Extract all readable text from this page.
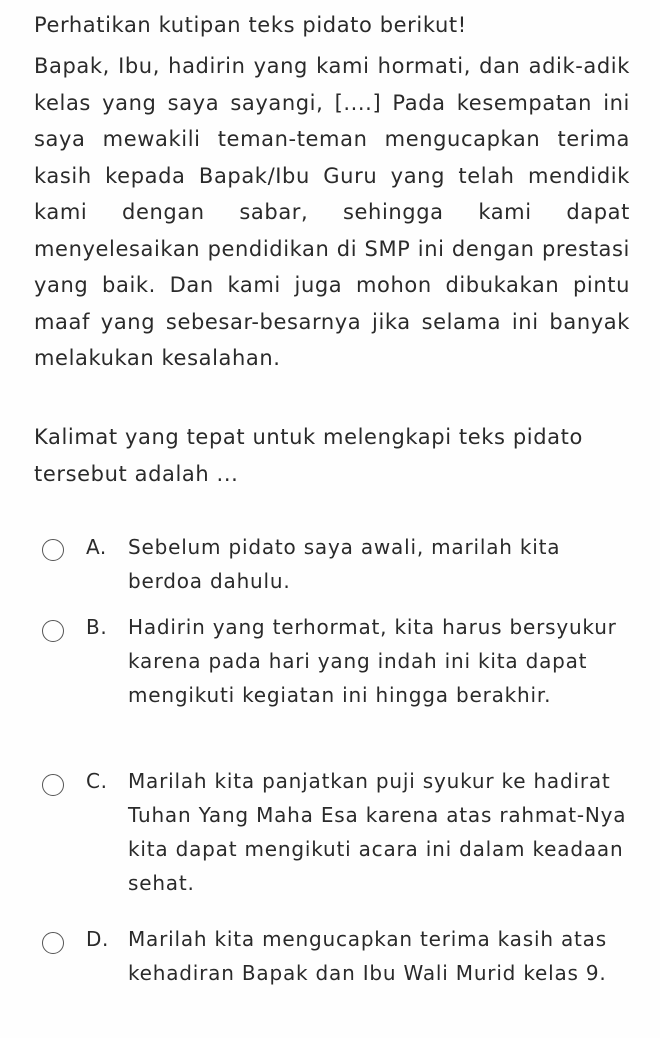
Perhatikan kutipan teks pidato berikut!
Bapak, Ibu, hadirin yang kami hormati, dan adik-adik kelas yang saya sayangi, [....] Pada kesempatan ini saya mewakili teman-teman mengucapkan terima kasih kepada Bapak/Ibu Guru yang telah mendidik kami dengan sabar, sehingga kami dapat menyelesaikan pendidikan di SMP ini dengan prestasi yang baik. Dan kami juga mohon dibukakan pintu maaf yang sebesar-besarnya jika selama ini banyak melakukan kesalahan.
Kalimat yang tepat untuk melengkapi teks pidato tersebut adalah ...
A. Sebelum pidato saya awali, marilah kita berdoa dahulu.
B. Hadirin yang terhormat, kita harus bersyukur karena pada hari yang indah ini kita dapat mengikuti kegiatan ini hingga berakhir.
C. Marilah kita panjatkan puji syukur ke hadirat Tuhan Yang Maha Esa karena atas rahmat-Nya kita dapat mengikuti acara ini dalam keadaan sehat.
D. Marilah kita mengucapkan terima kasih atas kehadiran Bapak dan Ibu Wali Murid kelas 9.
